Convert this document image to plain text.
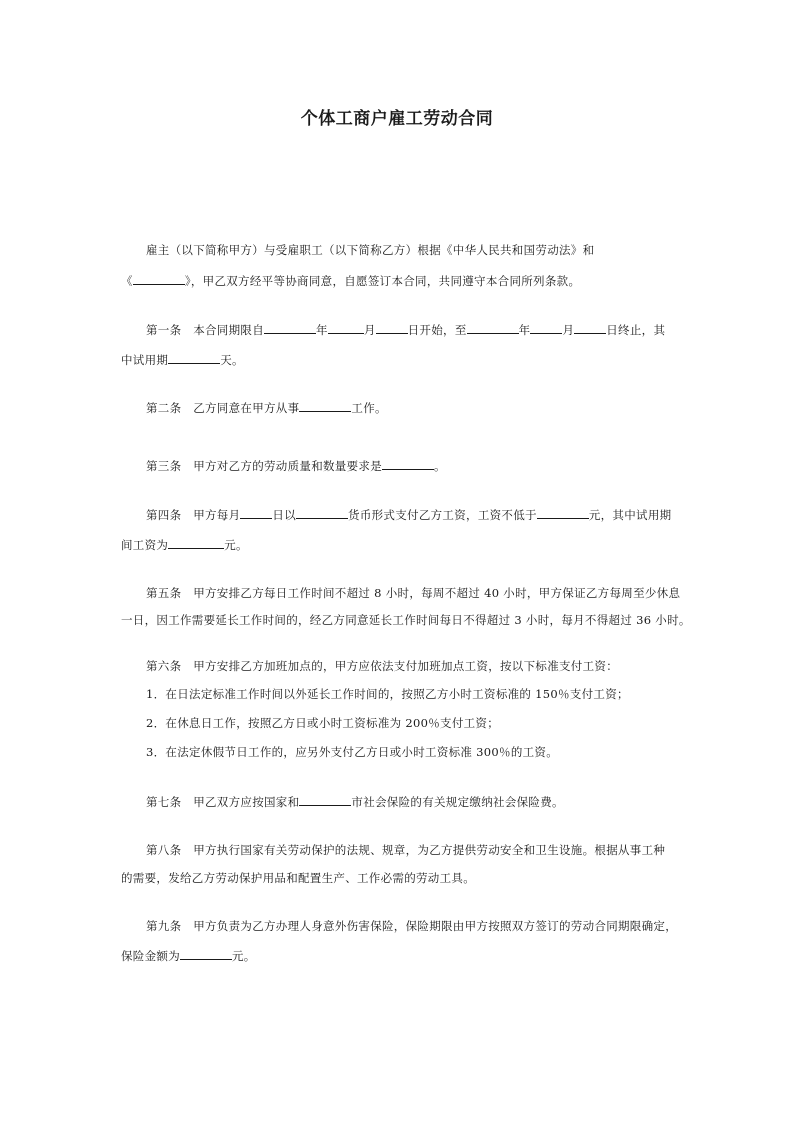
个体工商户雇工劳动合同
雇主（以下简称甲方）与受雇职工（以下简称乙方）根据《中华人民共和国劳动法》和
《	》，甲乙双方经平等协商同意，自愿签订本合同，共同遵守本合同所列条款。
第一条　本合同期限自	年	月	日开始，至	年	月	日终止，其
中试用期	天。
第二条　乙方同意在甲方从事	工作。
第三条　甲方对乙方的劳动质量和数量要求是	。
第四条　甲方每月	日以	货币形式支付乙方工资，工资不低于	元，其中试用期
间工资为	元。
第五条　甲方安排乙方每日工作时间不超过 8 小时，每周不超过 40 小时，甲方保证乙方每周至少休息
一日，因工作需要延长工作时间的，经乙方同意延长工作时间每日不得超过 3 小时，每月不得超过 36 小时。
第六条　甲方安排乙方加班加点的，甲方应依法支付加班加点工资，按以下标准支付工资：
1．在日法定标准工作时间以外延长工作时间的，按照乙方小时工资标准的 150％支付工资；
2．在休息日工作，按照乙方日或小时工资标准为 200％支付工资；
3．在法定休假节日工作的，应另外支付乙方日或小时工资标准 300％的工资。
第七条　甲乙双方应按国家和	市社会保险的有关规定缴纳社会保险费。
第八条　甲方执行国家有关劳动保护的法规、规章，为乙方提供劳动安全和卫生设施。根据从事工种
的需要，发给乙方劳动保护用品和配置生产、工作必需的劳动工具。
第九条　甲方负责为乙方办理人身意外伤害保险，保险期限由甲方按照双方签订的劳动合同期限确定，
保险金额为	元。
